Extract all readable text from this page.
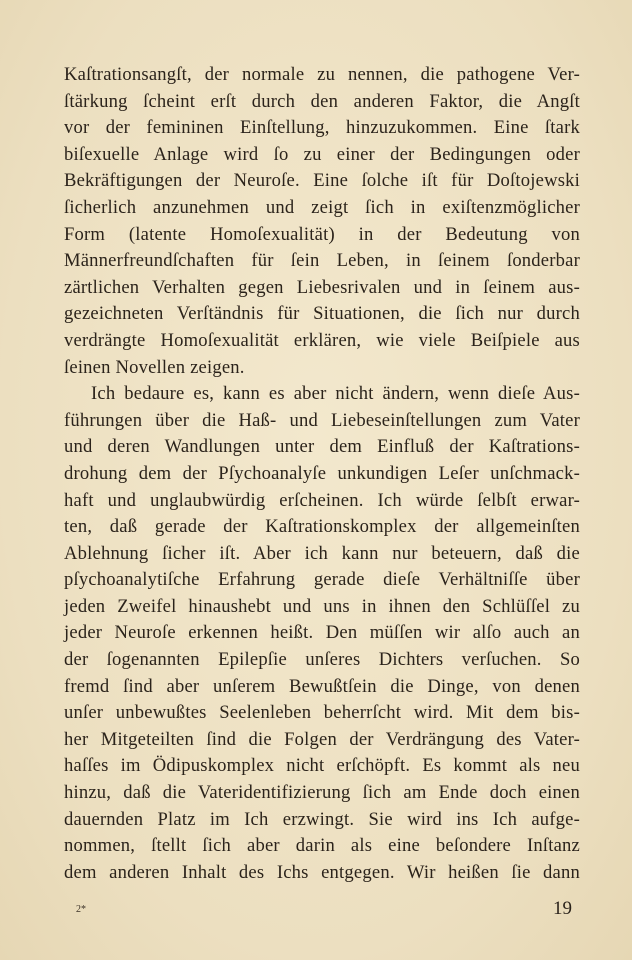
Kaſtrationsangſt, der normale zu nennen, die pathogene Ver-
ſtärkung ſcheint erſt durch den anderen Faktor, die Angſt
vor der femininen Einſtellung, hinzuzukommen. Eine ſtark
biſexuelle Anlage wird ſo zu einer der Bedingungen oder
Bekräftigungen der Neuroſe. Eine ſolche iſt für Doſtojewski
ſicherlich anzunehmen und zeigt ſich in exiſtenzmöglicher
Form (latente Homoſexualität) in der Bedeutung von
Männerfreundſchaften für ſein Leben, in ſeinem ſonderbar
zärtlichen Verhalten gegen Liebesrivalen und in ſeinem aus-
gezeichneten Verſtändnis für Situationen, die ſich nur durch
verdrängte Homoſexualität erklären, wie viele Beiſpiele aus
ſeinen Novellen zeigen.
Ich bedaure es, kann es aber nicht ändern, wenn dieſe Aus-
führungen über die Haß- und Liebeseinſtellungen zum Vater
und deren Wandlungen unter dem Einfluß der Kaſtrations-
drohung dem der Pſychoanalyſe unkundigen Leſer unſchmack-
haft und unglaubwürdig erſcheinen. Ich würde ſelbſt erwar-
ten, daß gerade der Kaſtrationskomplex der allgemeinſten
Ablehnung ſicher iſt. Aber ich kann nur beteuern, daß die
pſychoanalytiſche Erfahrung gerade dieſe Verhältniſſe über
jeden Zweifel hinaushebt und uns in ihnen den Schlüſſel zu
jeder Neuroſe erkennen heißt. Den müſſen wir alſo auch an
der ſogenannten Epilepſie unſeres Dichters verſuchen. So
fremd ſind aber unſerem Bewußtſein die Dinge, von denen
unſer unbewußtes Seelenleben beherrſcht wird. Mit dem bis-
her Mitgeteilten ſind die Folgen der Verdrängung des Vater-
haſſes im Ödipuskomplex nicht erſchöpft. Es kommt als neu
hinzu, daß die Vateridentifizierung ſich am Ende doch einen
dauernden Platz im Ich erzwingt. Sie wird ins Ich aufge-
nommen, ſtellt ſich aber darin als eine beſondere Inſtanz
dem anderen Inhalt des Ichs entgegen. Wir heißen ſie dann
2*	19
